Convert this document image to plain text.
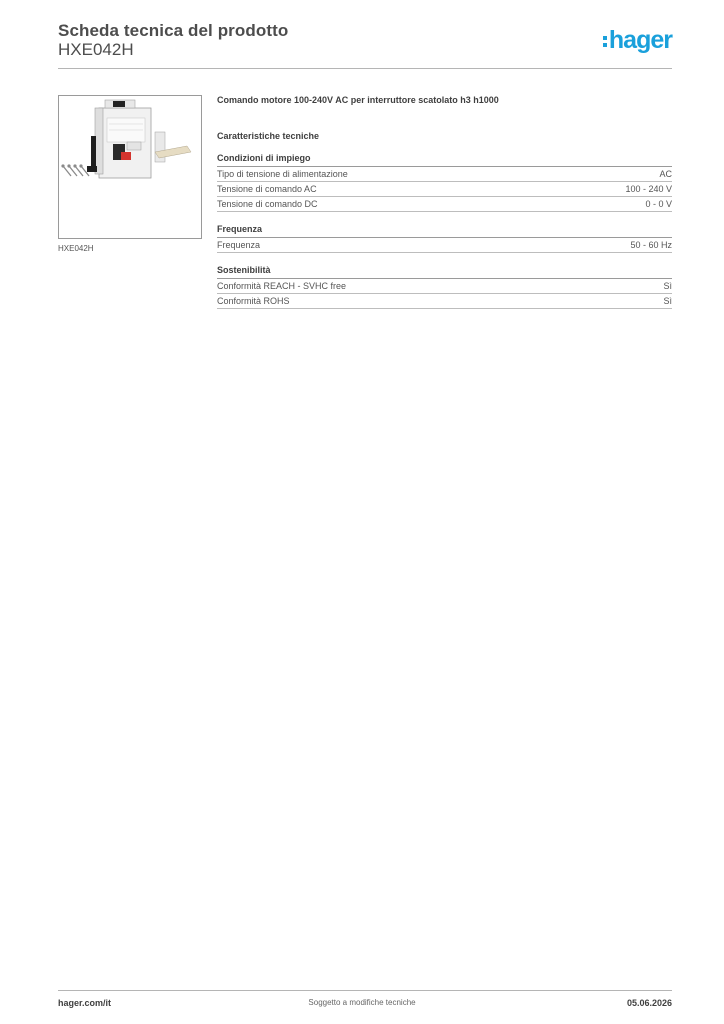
Scheda tecnica del prodotto
HXE042H	hager
HXE042H
Comando motore 100-240V AC per interruttore scatolato h3 h1000
Caratteristiche tecniche
Condizioni di impiego
Tipo di tensione di alimentazione	AC
Tensione di comando AC	100 - 240 V
Tensione di comando DC	0 - 0 V
Frequenza
Frequenza	50 - 60 Hz
Sostenibilità
Conformità REACH - SVHC free	Sì
Conformità ROHS	Sì
hager.com/it	Soggetto a modifiche tecniche	05.06.2026
